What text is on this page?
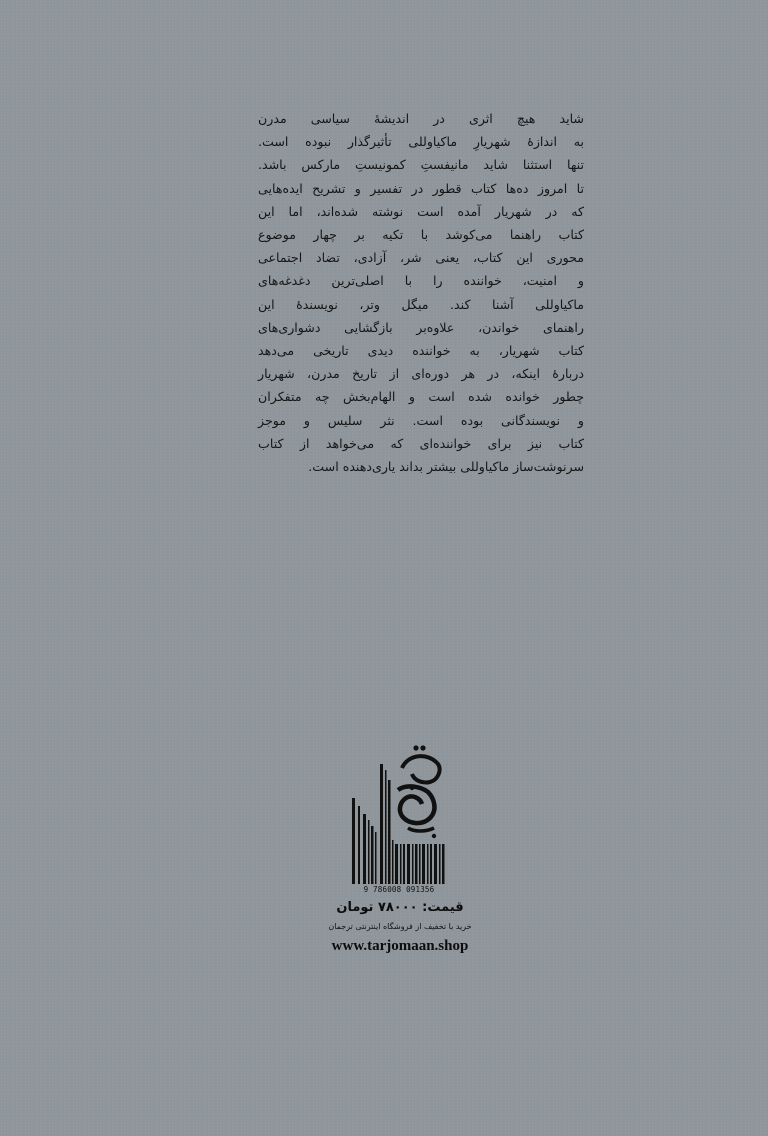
شاید هیچ اثری در اندیشهٔ سیاسی مدرن
به اندازهٔ شهریارِ ماکیاوللی تأثیرگذار نبوده است.
تنها استثنا شاید مانیفستِ کمونیستِ مارکس باشد.
تا امروز ده‌ها کتاب قطور در تفسیر و تشریح ایده‌هایی
که در شهریار آمده است نوشته شده‌اند، اما این
کتاب راهنما می‌کوشد با تکیه بر چهار موضوع
محوری این کتاب، یعنی شر، آزادی، تضاد اجتماعی
و امنیت، خواننده را با اصلی‌ترین دغدغه‌های
ماکیاوللی آشنا کند. میگل وتر، نویسندهٔ این
راهنمای خواندن، علاوه‌بر بازگشایی دشواری‌های
کتاب شهریار، به خواننده دیدی تاریخی می‌دهد
دربارهٔ اینکه، در هر دوره‌ای از تاریخ مدرن، شهریار
چطور خوانده شده است و الهام‌بخش چه متفکران
و نویسندگانی بوده است. نثر سلیس و موجز
کتاب نیز برای خواننده‌ای که می‌خواهد از کتاب
سرنوشت‌ساز ماکیاوللی بیشتر بداند یاری‌دهنده است.
9 786008 091356
قیمت: ۷۸۰۰۰ تومان
خرید با تخفیف از فروشگاه اینترنتی ترجمان
www.tarjomaan.shop
